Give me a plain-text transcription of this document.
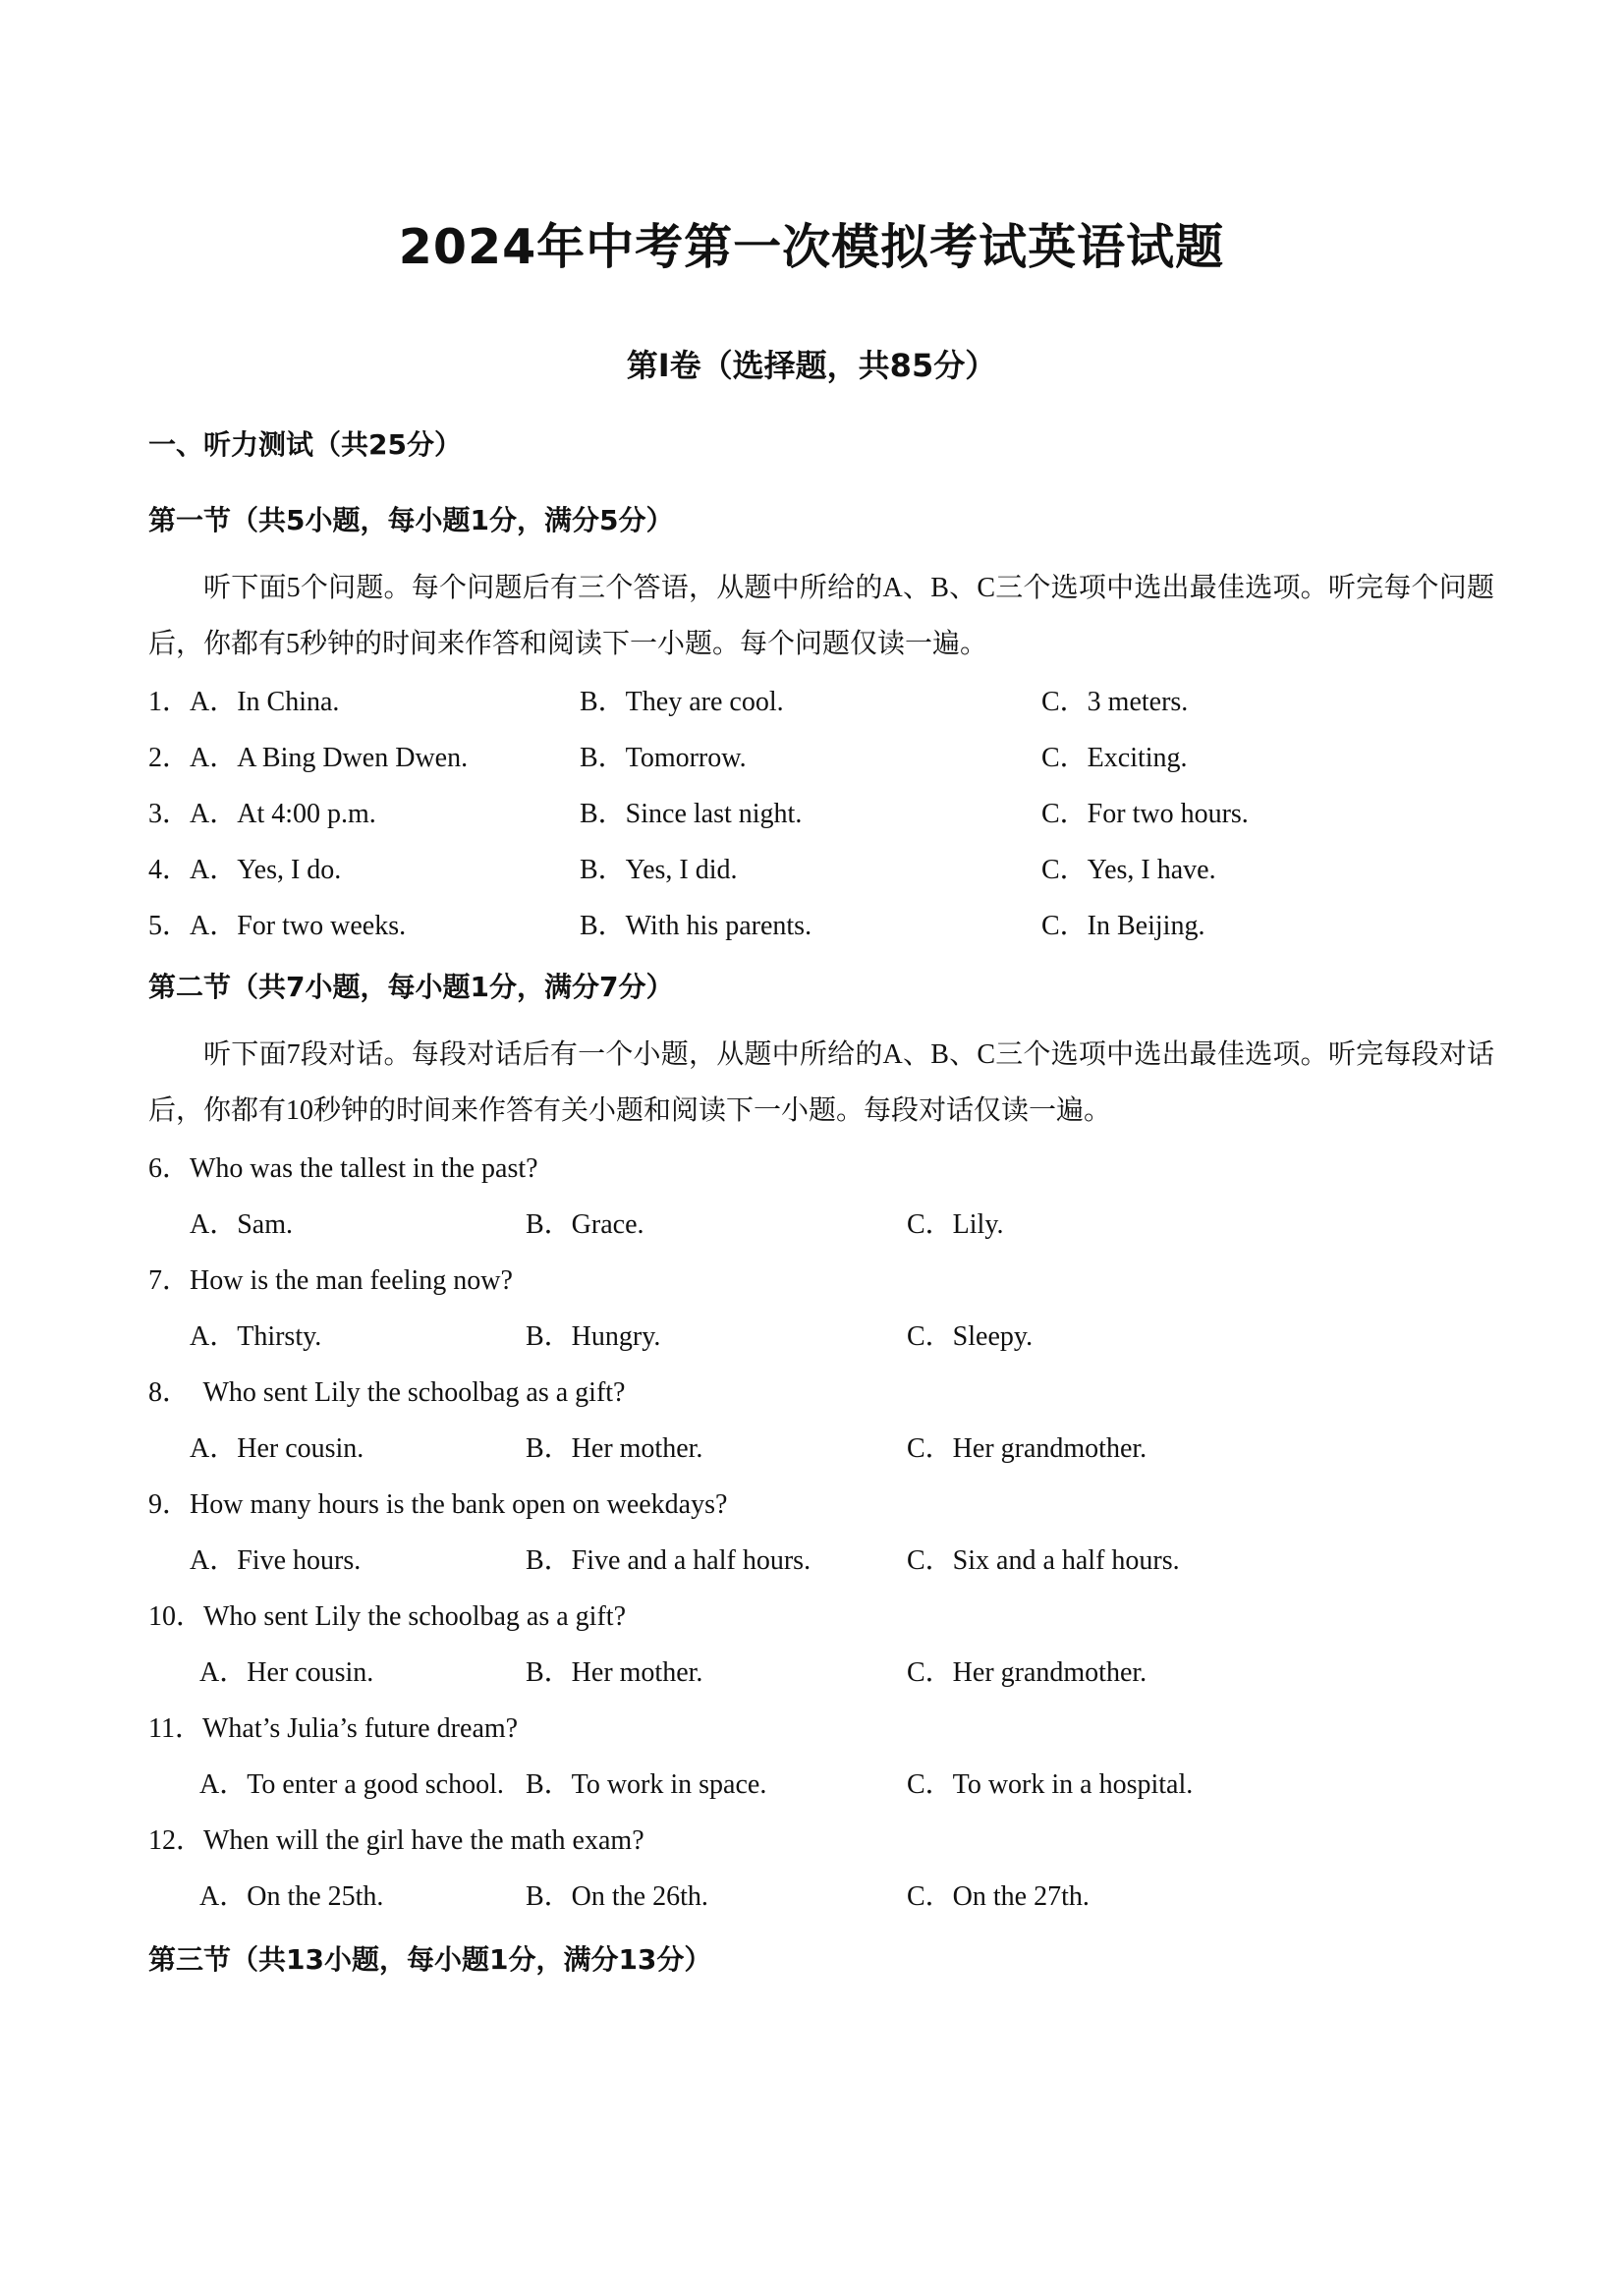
2024年中考第一次模拟考试英语试题
第I卷（选择题，共85分）
一、听力测试（共25分）
第一节（共5小题，每小题1分，满分5分）
听下面5个问题。每个问题后有三个答语，从题中所给的A、B、C三个选项中选出最佳选项。听完每个问题后，你都有5秒钟的时间来作答和阅读下一小题。每个问题仅读一遍。
1．A．In China.	B．They are cool.	C．3 meters.
2．A．A Bing Dwen Dwen.	B．Tomorrow.	C．Exciting.
3．A．At 4:00 p.m.	B．Since last night.	C．For two hours.
4．A．Yes, I do.	B．Yes, I did.	C．Yes, I have.
5．A．For two weeks.	B．With his parents.	C．In Beijing.
第二节（共7小题，每小题1分，满分7分）
听下面7段对话。每段对话后有一个小题，从题中所给的A、B、C三个选项中选出最佳选项。听完每段对话后，你都有10秒钟的时间来作答有关小题和阅读下一小题。每段对话仅读一遍。
6．Who was the tallest in the past?
A．Sam.	B．Grace.	C．Lily.
7．How is the man feeling now?
A．Thirsty.	B．Hungry.	C．Sleepy.
8．  Who sent Lily the schoolbag as a gift?
A．Her cousin.	B．Her mother.	C．Her grandmother.
9．How many hours is the bank open on weekdays?
A．Five hours.	B．Five and a half hours.	C．Six and a half hours.
10．Who sent Lily the schoolbag as a gift?
A．Her cousin.	B．Her mother.	C．Her grandmother.
11．What’s Julia’s future dream?
A．To enter a good school. B．To work in space.	C．To work in a hospital.
12．When will the girl have the math exam?
A．On the 25th.	B．On the 26th.	C．On the 27th.
第三节（共13小题，每小题1分，满分13分）
